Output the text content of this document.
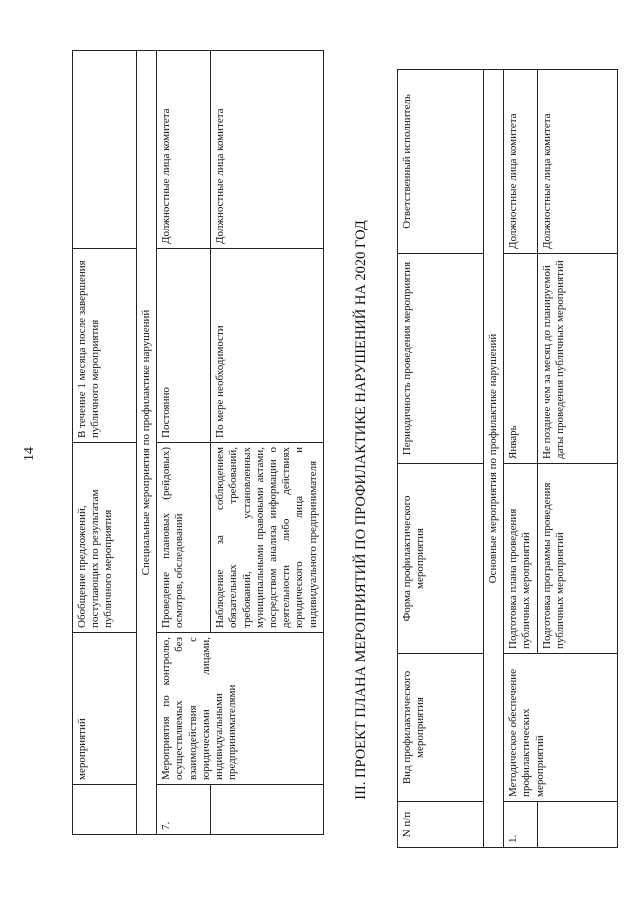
14
	мероприятий	Обобщение предложений, поступающих по результатам публичного мероприятия	В течение 1 месяца после завершения публичного мероприятия	
Специальные мероприятия по профилактике нарушений				
7.	Мероприятия по контролю, осуществляемых без взаимодействия с юридическими лицами, индивидуальными предпринимателями	Проведение плановых (рейдовых) осмотров, обследований	Постоянно	Должностные лица комитета
		Наблюдение за соблюдением обязательных требований, требований, установленных муниципальными правовыми актами, посредством анализа информации о деятельности либо действиях юридического лица и индивидуального предпринимателя	По мере необходимости	Должностные лица комитета
III. ПРОЕКТ ПЛАНА МЕРОПРИЯТИЙ ПО ПРОФИЛАКТИКЕ НАРУШЕНИЙ НА 2020 ГОД
N п/п	Вид профилактического мероприятия	Форма профилактического мероприятия	Периодичность проведения мероприятия	Ответственный исполнитель
Основные мероприятия по профилактике нарушений				
1.	Методическое обеспечение профилактических мероприятий	Подготовка плана проведения публичных мероприятий	Январь	Должностные лица комитета
		Подготовка программы проведения публичных мероприятий	Не позднее чем за месяц до планируемой даты проведения публичных мероприятий	Должностные лица комитета
